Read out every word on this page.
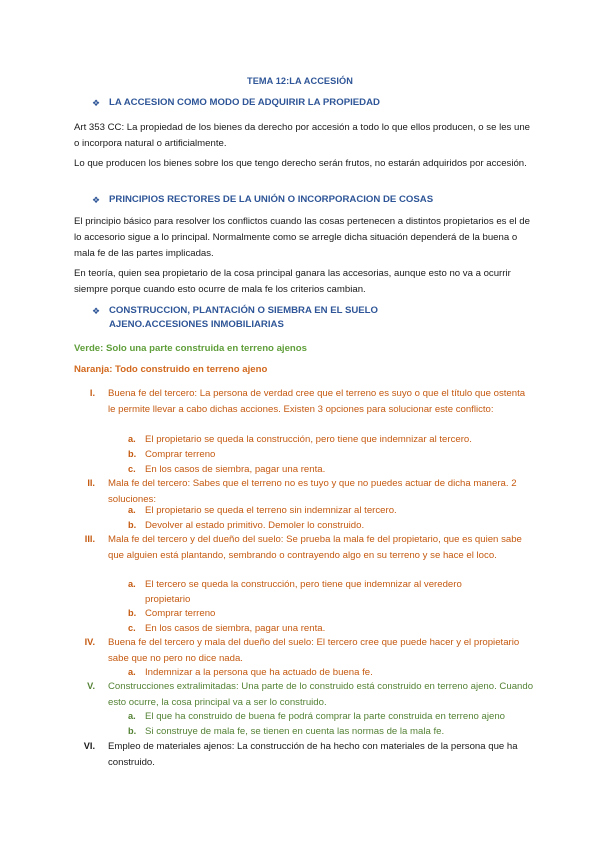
TEMA 12:LA ACCESIÓN
❖ LA ACCESION COMO MODO DE ADQUIRIR LA PROPIEDAD
Art 353 CC: La propiedad de los bienes da derecho por accesión a todo lo que ellos producen, o se les une o incorpora natural o artificialmente.
Lo que producen los bienes sobre los que tengo derecho serán frutos, no estarán adquiridos por accesión.
❖ PRINCIPIOS RECTORES DE LA UNIÓN O INCORPORACION DE COSAS
El principio básico para resolver los conflictos cuando las cosas pertenecen a distintos propietarios es el de lo accesorio sigue a lo principal. Normalmente como se arregle dicha situación dependerá de la buena o mala fe de las partes implicadas.
En teoría, quien sea propietario de la cosa principal ganara las accesorias, aunque esto no va a ocurrir siempre porque cuando esto ocurre de mala fe los criterios cambian.
❖ CONSTRUCCION, PLANTACIÓN O SIEMBRA EN EL SUELO AJENO.ACCESIONES INMOBILIARIAS
Verde: Solo una parte construida en terreno ajenos
Naranja: Todo construido en terreno ajeno
I. Buena fe del tercero: La persona de verdad cree que el terreno es suyo o que el título que ostenta le permite llevar a cabo dichas acciones. Existen 3 opciones para solucionar este conflicto:
a. El propietario se queda la construcción, pero tiene que indemnizar al tercero.
b. Comprar terreno
c. En los casos de siembra, pagar una renta.
II. Mala fe del tercero: Sabes que el terreno no es tuyo y que no puedes actuar de dicha manera. 2 soluciones:
a. El propietario se queda el terreno sin indemnizar al tercero.
b. Devolver al estado primitivo. Demoler lo construido.
III. Mala fe del tercero y del dueño del suelo: Se prueba la mala fe del propietario, que es quien sabe que alguien está plantando, sembrando o contrayendo algo en su terreno y se hace el loco.
a. El tercero se queda la construcción, pero tiene que indemnizar al veredero propietario
b. Comprar terreno
c. En los casos de siembra, pagar una renta.
IV. Buena fe del tercero y mala del dueño del suelo: El tercero cree que puede hacer y el propietario sabe que no pero no dice nada.
a. Indemnizar a la persona que ha actuado de buena fe.
V. Construcciones extralimitadas: Una parte de lo construido está construido en terreno ajeno. Cuando esto ocurre, la cosa principal va a ser lo construido.
a. El que ha construido de buena fe podrá comprar la parte construida en terreno ajeno
b. Si construye de mala fe, se tienen en cuenta las normas de la mala fe.
VI. Empleo de materiales ajenos: La construcción de ha hecho con materiales de la persona que ha construido.
